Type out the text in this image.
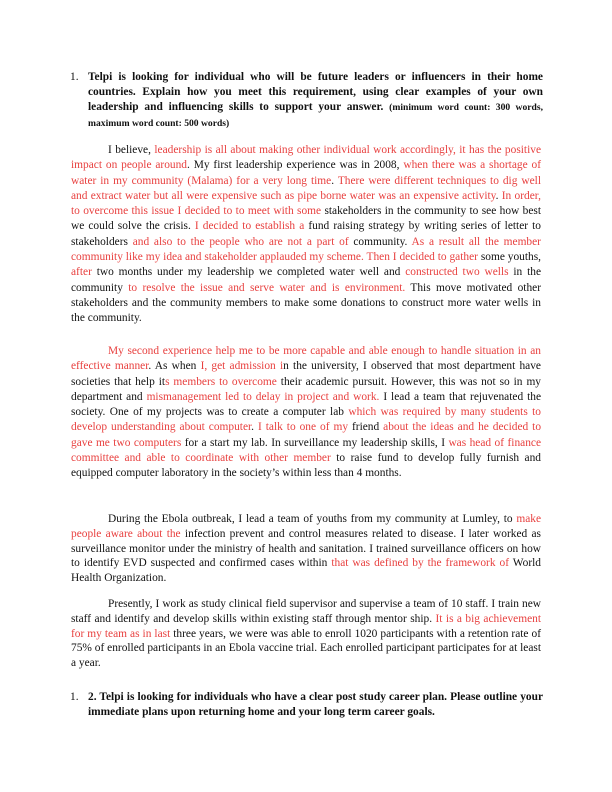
1. Telpi is looking for individual who will be future leaders or influencers in their home countries. Explain how you meet this requirement, using clear examples of your own leadership and influencing skills to support your answer. (minimum word count: 300 words, maximum word count: 500 words)

I believe, leadership is all about making other individual work accordingly, it has the positive impact on people around. My first leadership experience was in 2008, when there was a shortage of water in my community (Malama) for a very long time. There were different techniques to dig well and extract water but all were expensive such as pipe borne water was an expensive activity. In order, to overcome this issue I decided to to meet with some stakeholders in the community to see how best we could solve the crisis. I decided to establish a fund raising strategy by writing series of letter to stakeholders and also to the people who are not a part of community. As a result all the member community like my idea and stakeholder applauded my scheme. Then I decided to gather some youths, after two months under my leadership we completed water well and constructed two wells in the community to resolve the issue and serve water and is environment. This move motivated other stakeholders and the community members to make some donations to construct more water wells in the community.

My second experience help me to be more capable and able enough to handle situation in an effective manner. As when I, get admission in the university, I observed that most department have societies that help its members to overcome their academic pursuit. However, this was not so in my department and mismanagement led to delay in project and work. I lead a team that rejuvenated the society. One of my projects was to create a computer lab which was required by many students to develop understanding about computer. I talk to one of my friend about the ideas and he decided to gave me two computers for a start my lab. In surveillance my leadership skills, I was head of finance committee and able to coordinate with other member to raise fund to develop fully furnish and equipped computer laboratory in the society’s within less than 4 months.

During the Ebola outbreak, I lead a team of youths from my community at Lumley, to make people aware about the infection prevent and control measures related to disease. I later worked as surveillance monitor under the ministry of health and sanitation. I trained surveillance officers on how to identify EVD suspected and confirmed cases within that was defined by the framework of World Health Organization.

Presently, I work as study clinical field supervisor and supervise a team of 10 staff. I train new staff and identify and develop skills within existing staff through mentor ship. It is a big achievement for my team as in last three years, we were was able to enroll 1020 participants with a retention rate of 75% of enrolled participants in an Ebola vaccine trial. Each enrolled participant participates for at least a year.

1. 2. Telpi is looking for individuals who have a clear post study career plan. Please outline your immediate plans upon returning home and your long term career goals.
